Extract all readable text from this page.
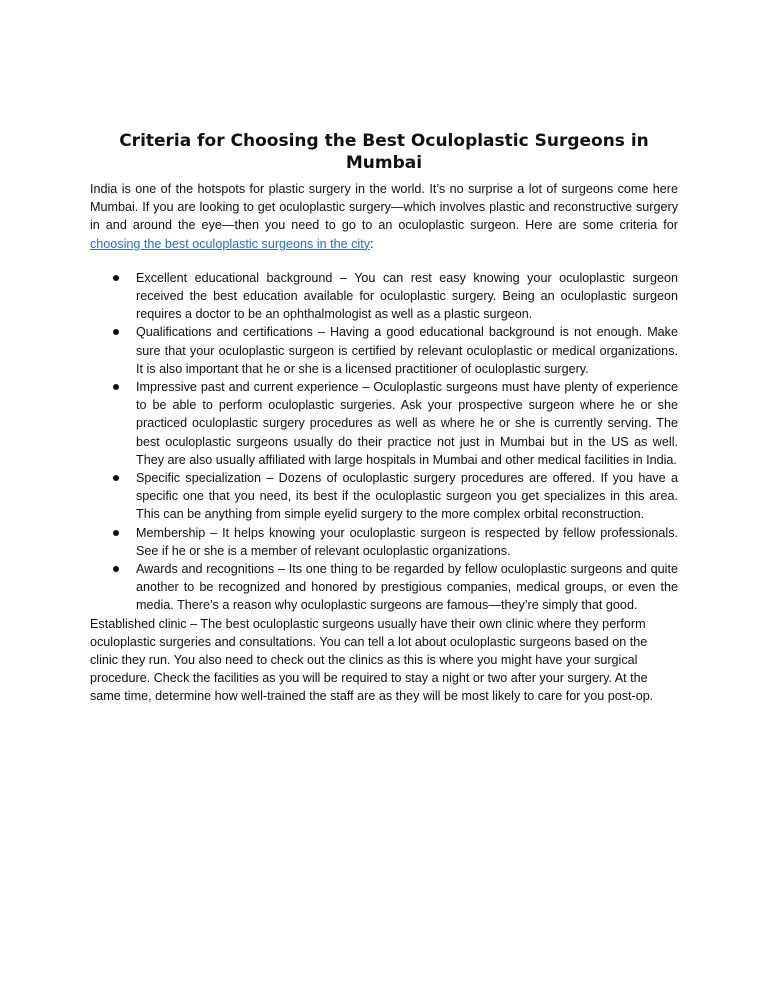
Criteria for Choosing the Best Oculoplastic Surgeons in Mumbai

India is one of the hotspots for plastic surgery in the world. It’s no surprise a lot of surgeons come here Mumbai. If you are looking to get oculoplastic surgery—which involves plastic and reconstructive surgery in and around the eye—then you need to go to an oculoplastic surgeon. Here are some criteria for choosing the best oculoplastic surgeons in the city:

Excellent educational background – You can rest easy knowing your oculoplastic surgeon received the best education available for oculoplastic surgery. Being an oculoplastic surgeon requires a doctor to be an ophthalmologist as well as a plastic surgeon.
Qualifications and certifications – Having a good educational background is not enough. Make sure that your oculoplastic surgeon is certified by relevant oculoplastic or medical organizations. It is also important that he or she is a licensed practitioner of oculoplastic surgery.
Impressive past and current experience – Oculoplastic surgeons must have plenty of experience to be able to perform oculoplastic surgeries. Ask your prospective surgeon where he or she practiced oculoplastic surgery procedures as well as where he or she is currently serving. The best oculoplastic surgeons usually do their practice not just in Mumbai but in the US as well. They are also usually affiliated with large hospitals in Mumbai and other medical facilities in India.
Specific specialization – Dozens of oculoplastic surgery procedures are offered. If you have a specific one that you need, its best if the oculoplastic surgeon you get specializes in this area. This can be anything from simple eyelid surgery to the more complex orbital reconstruction.
Membership – It helps knowing your oculoplastic surgeon is respected by fellow professionals. See if he or she is a member of relevant oculoplastic organizations.
Awards and recognitions – Its one thing to be regarded by fellow oculoplastic surgeons and quite another to be recognized and honored by prestigious companies, medical groups, or even the media. There’s a reason why oculoplastic surgeons are famous—they’re simply that good.

Established clinic – The best oculoplastic surgeons usually have their own clinic where they perform oculoplastic surgeries and consultations. You can tell a lot about oculoplastic surgeons based on the clinic they run. You also need to check out the clinics as this is where you might have your surgical procedure. Check the facilities as you will be required to stay a night or two after your surgery. At the same time, determine how well-trained the staff are as they will be most likely to care for you post-op.
